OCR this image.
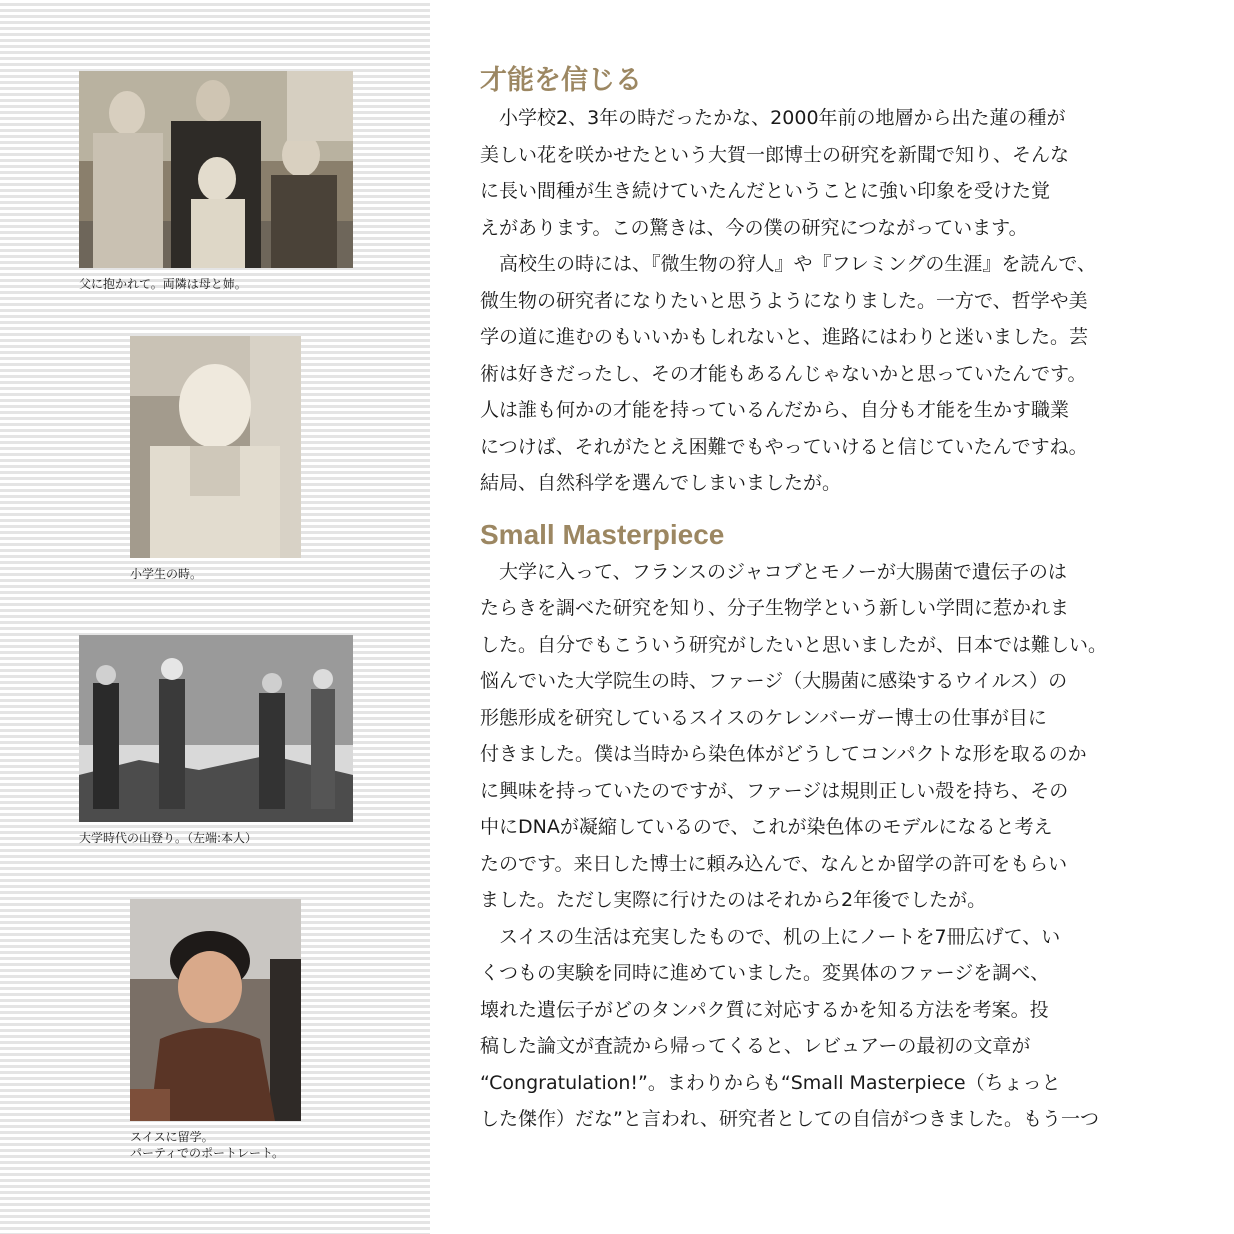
父に抱かれて。両隣は母と姉。
小学生の時。
大学時代の山登り。（左端:本人）
スイスに留学。
パーティでのポートレート。
才能を信じる

　小学校2、3年の時だったかな、2000年前の地層から出た蓮の種が
美しい花を咲かせたという大賀一郎博士の研究を新聞で知り、そんな
に長い間種が生き続けていたんだということに強い印象を受けた覚
えがあります。この驚きは、今の僕の研究につながっています。
　高校生の時には、『微生物の狩人』や『フレミングの生涯』を読んで、
微生物の研究者になりたいと思うようになりました。一方で、哲学や美
学の道に進むのもいいかもしれないと、進路にはわりと迷いました。芸
術は好きだったし、その才能もあるんじゃないかと思っていたんです。
人は誰も何かの才能を持っているんだから、自分も才能を生かす職業
につけば、それがたとえ困難でもやっていけると信じていたんですね。
結局、自然科学を選んでしまいましたが。

Small Masterpiece

　大学に入って、フランスのジャコブとモノーが大腸菌で遺伝子のは
たらきを調べた研究を知り、分子生物学という新しい学問に惹かれま
した。自分でもこういう研究がしたいと思いましたが、日本では難しい。
悩んでいた大学院生の時、ファージ（大腸菌に感染するウイルス）の
形態形成を研究しているスイスのケレンバーガー博士の仕事が目に
付きました。僕は当時から染色体がどうしてコンパクトな形を取るのか
に興味を持っていたのですが、ファージは規則正しい殻を持ち、その
中にDNAが凝縮しているので、これが染色体のモデルになると考え
たのです。来日した博士に頼み込んで、なんとか留学の許可をもらい
ました。ただし実際に行けたのはそれから2年後でしたが。
　スイスの生活は充実したもので、机の上にノートを7冊広げて、い
くつもの実験を同時に進めていました。変異体のファージを調べ、
壊れた遺伝子がどのタンパク質に対応するかを知る方法を考案。投
稿した論文が査読から帰ってくると、レビュアーの最初の文章が
“Congratulation!”。まわりからも“Small Masterpiece（ちょっと
した傑作）だな”と言われ、研究者としての自信がつきました。もう一つ
